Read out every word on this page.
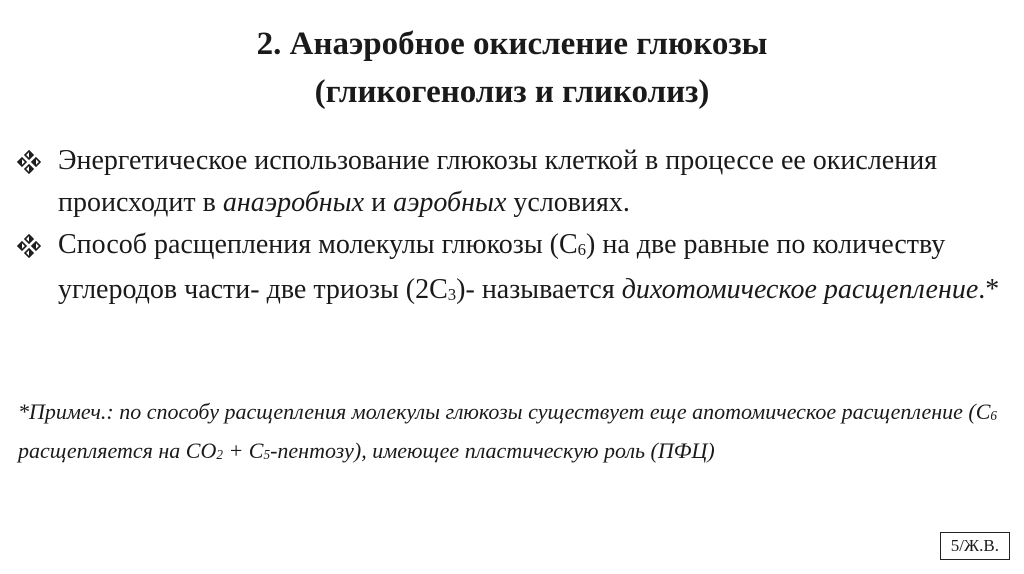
2. Анаэробное окисление глюкозы
(гликогенолиз и гликолиз)
Энергетическое использование глюкозы клеткой в процессе ее окисления происходит в анаэробных и аэробных условиях.
Способ расщепления молекулы глюкозы $(С_6)$ на две равные по количеству углеродов части- две триозы $(2С_3)-$ называется дихотомическое расщепление.*
*Примеч.: по способу расщепления молекулы глюкозы существует еще апотомическое расщепление ($С_6$ расщепляется на $СО_2$ + $С_5-пентозу$), имеющее пластическую роль (ПФЦ)
5/Ж.В.
